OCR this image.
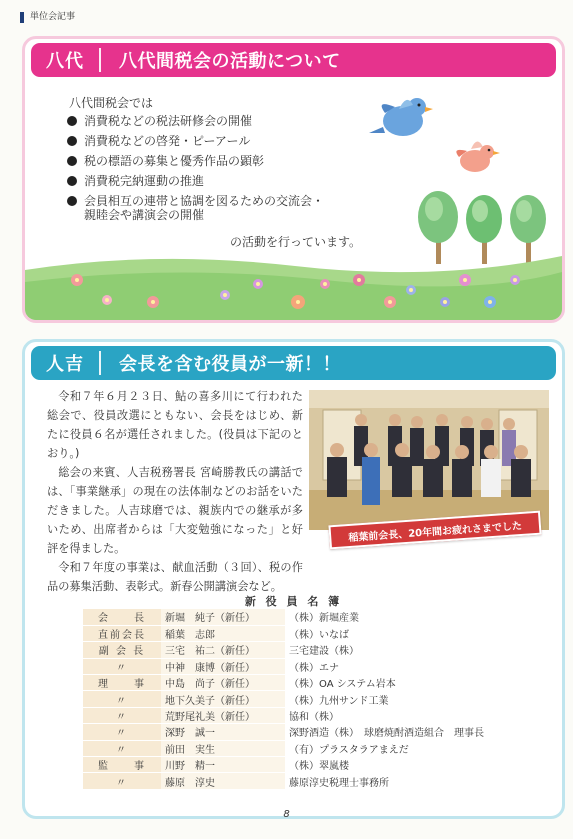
単位会記事
八代	八代間税会の活動について
八代間税会では
消費税などの税法研修会の開催
消費税などの啓発・ピーアール
税の標語の募集と優秀作品の顕彰
消費税完納運動の推進
会員相互の連帯と協調を図るための交流会・
親睦会や講演会の開催
の活動を行っています。
人吉	会長を含む役員が一新！！

令和７年６月２３日、鮎の喜多川にて行われた総会で、役員改選にともない、会長をはじめ、新たに役員６名が選任されました。(役員は下記のとおり。)

総会の来賓、人吉税務署長 宮崎勝教氏の講話では、「事業継承」の現在の法体制などのお話をいただきました。人吉球磨では、親族内での継承が多いため、出席者からは「大変勉強になった」と好評を得ました。

令和７年度の事業は、献血活動（３回）、税の作品の募集活動、表彰式。新春公開講演会など。

稲葉前会長、20年間お疲れさまでした
新 役 員 名 簿
会　　長	新堀　純子（新任）	（株）新堀産業
直前会長	稲葉　志郎	（株）いなば
副 会 長	三宅　祐二（新任）	三宅建設（株）
〃	中神　康博（新任）	（株）エナ
理　　事	中島　尚子（新任）	（株）OA システム岩本
〃	地下久美子（新任）	（株）九州サンド工業
〃	荒野尾礼美（新任）	協和（株）
〃	深野　誠一	深野酒造（株）　球磨焼酎酒造組合　理事長
〃	前田　実生	（有）プラスタラアまえだ
監　　事	川野　精一	（株）翠嵐楼
〃	藤原　淳史	藤原淳史税理士事務所
8
